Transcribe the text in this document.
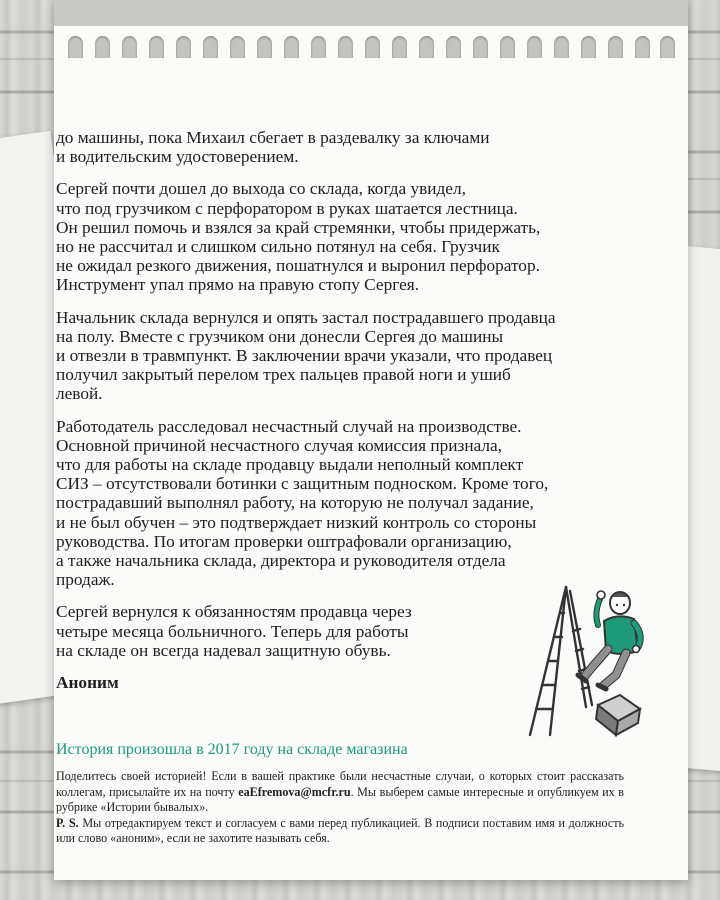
до машины, пока Михаил сбегает в раздевалку за ключами
и водительским удостоверением.

Сергей почти дошел до выхода со склада, когда увидел,
что под грузчиком с перфоратором в руках шатается лестница.
Он решил помочь и взялся за край стремянки, чтобы придержать,
но не рассчитал и слишком сильно потянул на себя. Грузчик
не ожидал резкого движения, пошатнулся и выронил перфоратор.
Инструмент упал прямо на правую стопу Сергея.

Начальник склада вернулся и опять застал пострадавшего продавца
на полу. Вместе с грузчиком они донесли Сергея до машины
и отвезли в травмпункт. В заключении врачи указали, что продавец
получил закрытый перелом трех пальцев правой ноги и ушиб
левой.

Работодатель расследовал несчастный случай на производстве.
Основной причиной несчастного случая комиссия признала,
что для работы на складе продавцу выдали неполный комплект
СИЗ – отсутствовали ботинки с защитным подноском. Кроме того,
пострадавший выполнял работу, на которую не получал задание,
и не был обучен – это подтверждает низкий контроль со стороны
руководства. По итогам проверки оштрафовали организацию,
а также начальника склада, директора и руководителя отдела
продаж.

Сергей вернулся к обязанностям продавца через
четыре месяца больничного. Теперь для работы
на складе он всегда надевал защитную обувь.

Аноним

История произошла в 2017 году на складе магазина

Поделитесь своей историей! Если в вашей практике были несчастные случаи, о которых стоит рассказать коллегам, присылайте их на почту eaEfremova@mcfr.ru. Мы выберем самые интересные и опубликуем их в рубрике «Истории бывалых».

P. S. Мы отредактируем текст и согласуем с вами перед публикацией. В подписи поставим имя и должность или слово «аноним», если не захотите называть себя.
